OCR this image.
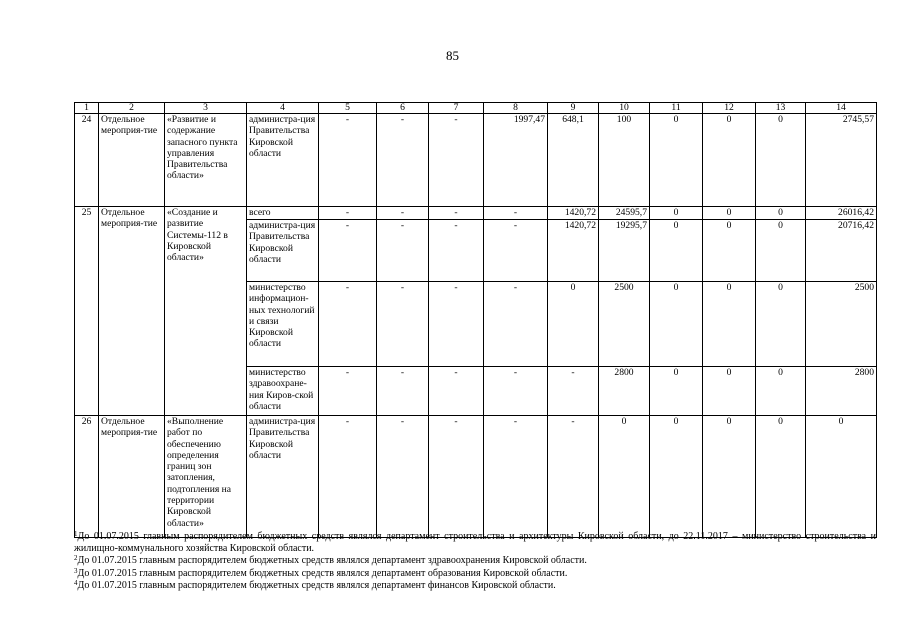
85
1	2	3	4	5	6	7	8	9	10	11	12	13	14
24	Отдельное мероприя-тие	«Развитие и содержание запасного пункта управления Правительства области»	администра-ция Правительства Кировской области	-	-	-	1997,47	648,1	100	0	0	0	2745,57
25	Отдельное мероприя-тие	«Создание и развитие Системы-112 в Кировской области»	всего	-	-	-	-	1420,72	24595,7	0	0	0	26016,42
			администра-ция Правительства Кировской области	-	-	-	-	1420,72	19295,7	0	0	0	20716,42
			министерство информацион-ных технологий и связи Кировской области	-	-	-	-	0	2500	0	0	0	2500
			министерство здравоохране-ния Киров-ской области	-	-	-	-	-	2800	0	0	0	2800
26	Отдельное мероприя-тие	«Выполнение работ по обеспечению определения границ зон затопления, подтопления на территории Кировской области»	администра-ция Правительства Кировской области	-	-	-	-	-	0	0	0	0	0

$^1$До 01.07.2015 главным распорядителем бюджетных средств являлся департамент строительства и архитектуры Кировской области, до 22.11.2017 – министерство строительства и жилищно-коммунального хозяйства Кировской области.

$^2$До 01.07.2015 главным распорядителем бюджетных средств являлся департамент здравоохранения Кировской области.

$^3$До 01.07.2015 главным распорядителем бюджетных средств являлся департамент образования Кировской области.

$^4$До 01.07.2015 главным распорядителем бюджетных средств являлся департамент финансов Кировской области.
